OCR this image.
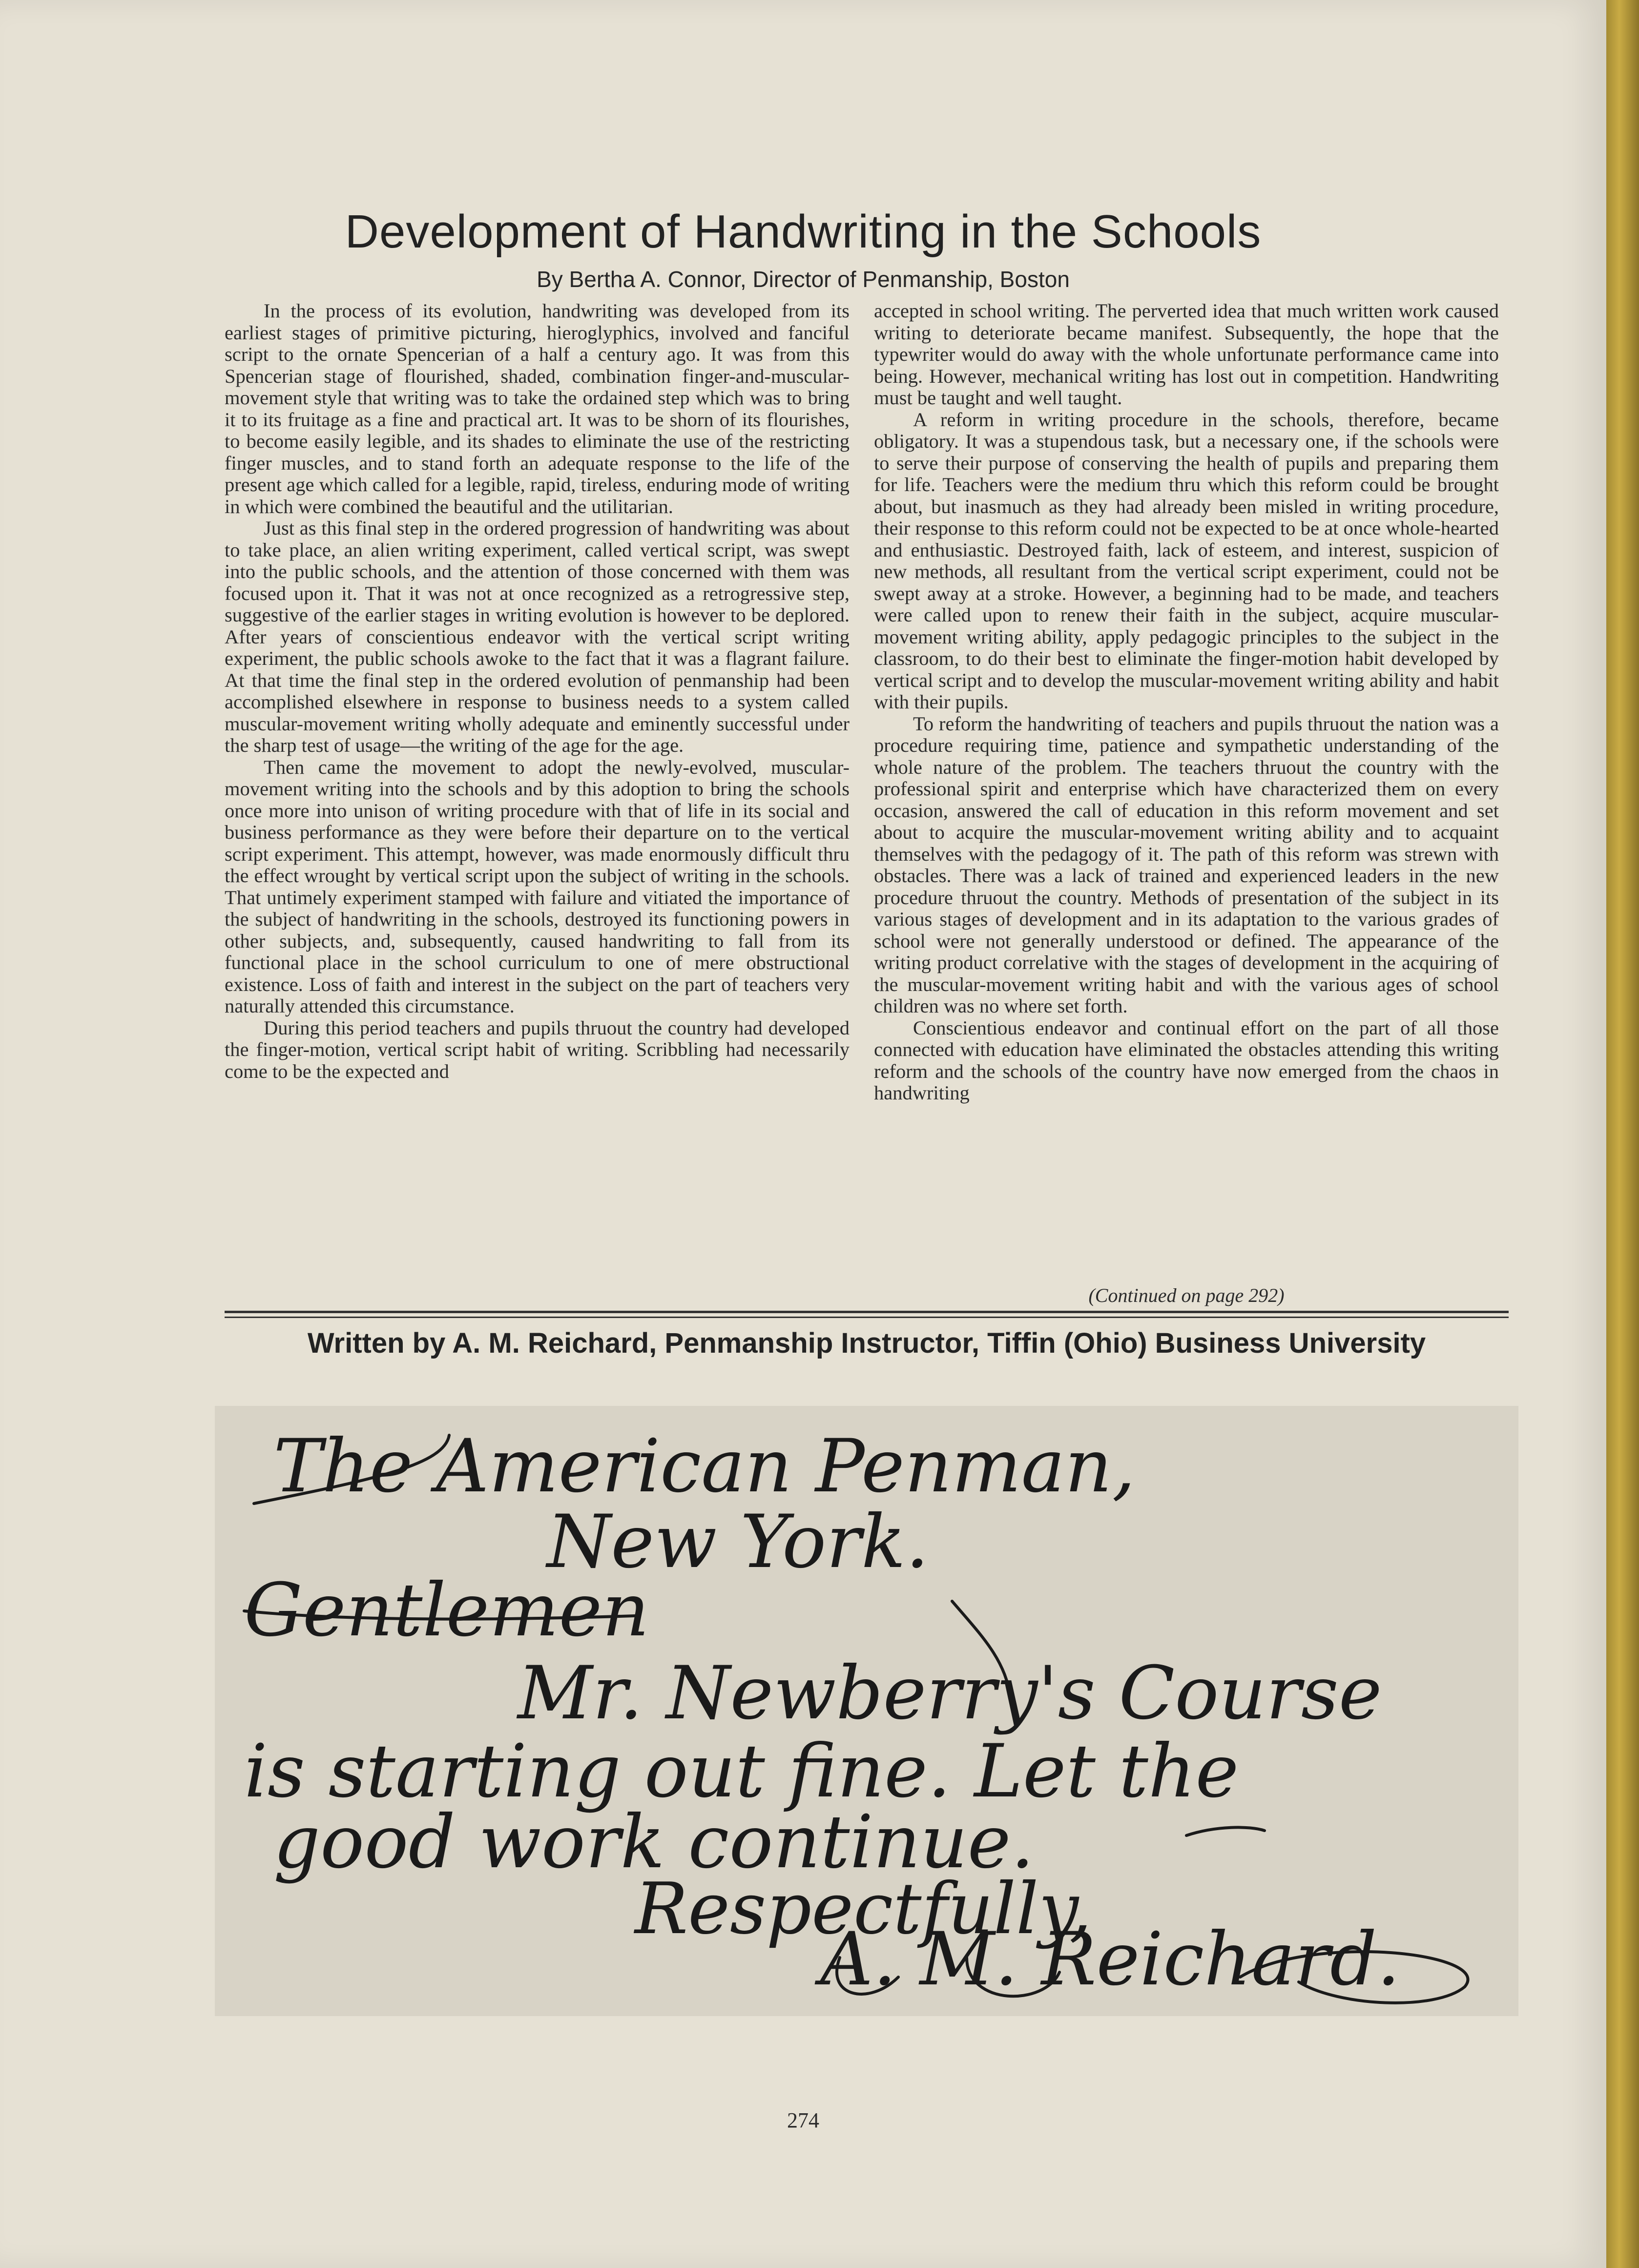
Development of Handwriting in the Schools

By Bertha A. Connor, Director of Penmanship, Boston

In the process of its evolution, handwriting was developed from its earliest stages of primitive picturing, hieroglyphics, involved and fanciful script to the ornate Spencerian of a half a century ago. It was from this Spencerian stage of flourished, shaded, combination finger-and-muscular-movement style that writing was to take the ordained step which was to bring it to its fruitage as a fine and practical art. It was to be shorn of its flourishes, to become easily legible, and its shades to eliminate the use of the restricting finger muscles, and to stand forth an adequate response to the life of the present age which called for a legible, rapid, tireless, enduring mode of writing in which were combined the beautiful and the utilitarian.

Just as this final step in the ordered progression of handwriting was about to take place, an alien writing experiment, called vertical script, was swept into the public schools, and the attention of those concerned with them was focused upon it. That it was not at once recognized as a retrogressive step, suggestive of the earlier stages in writing evolution is however to be deplored. After years of conscientious endeavor with the vertical script writing experiment, the public schools awoke to the fact that it was a flagrant failure. At that time the final step in the ordered evolution of penmanship had been accomplished elsewhere in response to business needs to a system called muscular-movement writing wholly adequate and eminently successful under the sharp test of usage—the writing of the age for the age.

Then came the movement to adopt the newly-evolved, muscular-movement writing into the schools and by this adoption to bring the schools once more into unison of writing procedure with that of life in its social and business performance as they were before their departure on to the vertical script experiment. This attempt, however, was made enormously difficult thru the effect wrought by vertical script upon the subject of writing in the schools. That untimely experiment stamped with failure and vitiated the importance of the subject of handwriting in the schools, destroyed its functioning powers in other subjects, and, subsequently, caused handwriting to fall from its functional place in the school curriculum to one of mere obstructional existence. Loss of faith and interest in the subject on the part of teachers very naturally attended this circumstance.

During this period teachers and pupils thruout the country had developed the finger-motion, vertical script habit of writing. Scribbling had necessarily come to be the expected and

accepted in school writing. The perverted idea that much written work caused writing to deteriorate became manifest. Subsequently, the hope that the typewriter would do away with the whole unfortunate performance came into being. However, mechanical writing has lost out in competition. Handwriting must be taught and well taught.

A reform in writing procedure in the schools, therefore, became obligatory. It was a stupendous task, but a necessary one, if the schools were to serve their purpose of conserving the health of pupils and preparing them for life. Teachers were the medium thru which this reform could be brought about, but inasmuch as they had already been misled in writing procedure, their response to this reform could not be expected to be at once whole-hearted and enthusiastic. Destroyed faith, lack of esteem, and interest, suspicion of new methods, all resultant from the vertical script experiment, could not be swept away at a stroke. However, a beginning had to be made, and teachers were called upon to renew their faith in the subject, acquire muscular-movement writing ability, apply pedagogic principles to the subject in the classroom, to do their best to eliminate the finger-motion habit developed by vertical script and to develop the muscular-movement writing ability and habit with their pupils.

To reform the handwriting of teachers and pupils thruout the nation was a procedure requiring time, patience and sympathetic understanding of the whole nature of the problem. The teachers thruout the country with the professional spirit and enterprise which have characterized them on every occasion, answered the call of education in this reform movement and set about to acquire the muscular-movement writing ability and to acquaint themselves with the pedagogy of it. The path of this reform was strewn with obstacles. There was a lack of trained and experienced leaders in the new procedure thruout the country. Methods of presentation of the subject in its various stages of development and in its adaptation to the various grades of school were not generally understood or defined. The appearance of the writing product correlative with the stages of development in the acquiring of the muscular-movement writing habit and with the various ages of school children was no where set forth.

Conscientious endeavor and continual effort on the part of all those connected with education have eliminated the obstacles attending this writing reform and the schools of the country have now emerged from the chaos in handwriting

(Continued on page 292)
Written by A. M. Reichard, Penmanship Instructor, Tiffin (Ohio) Business University
The American Penman,
New York.
Gentlemen
Mr. Newberry's Course
is starting out fine. Let the
good work continue.
Respectfully,
A. M. Reichard.
274
